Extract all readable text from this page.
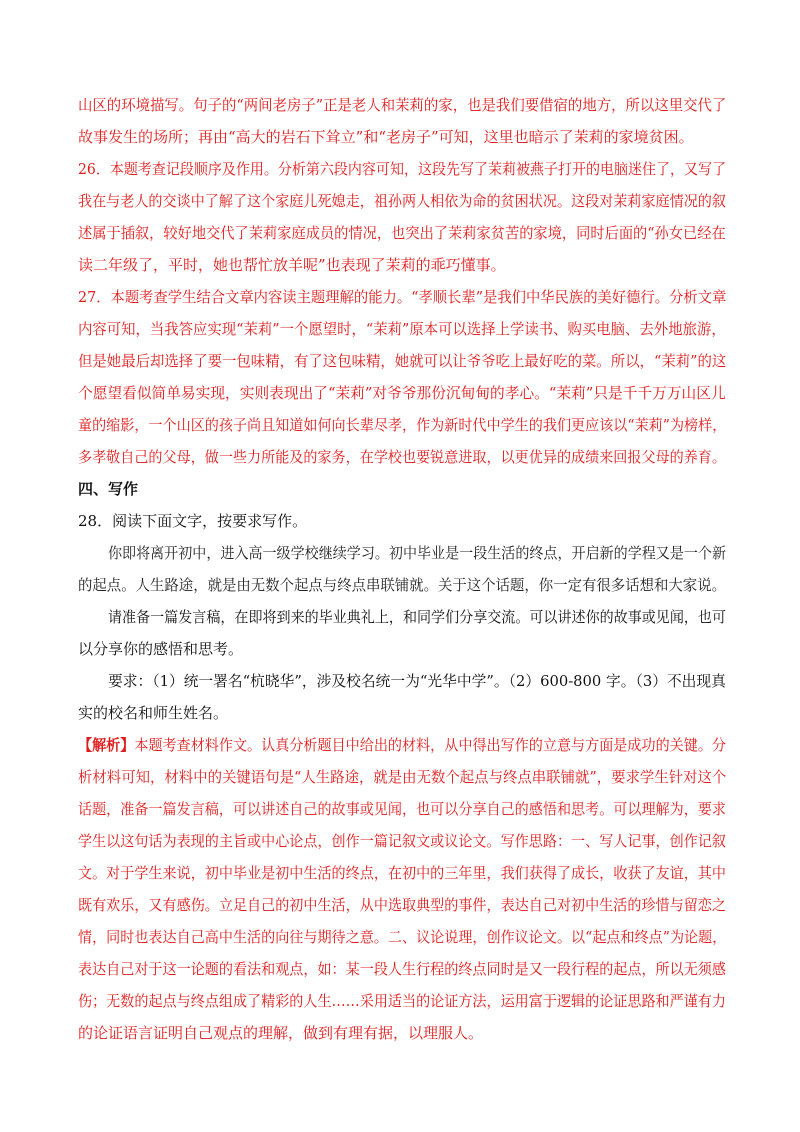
山区的环境描写。句子的“两间老房子”正是老人和茉莉的家，也是我们要借宿的地方，所以这里交代了
故事发生的场所；再由“高大的岩石下耸立”和“老房子”可知，这里也暗示了茉莉的家境贫困。
26．本题考查记段顺序及作用。分析第六段内容可知，这段先写了茉莉被燕子打开的电脑迷住了，又写了
我在与老人的交谈中了解了这个家庭儿死媳走，祖孙两人相依为命的贫困状况。这段对茉莉家庭情况的叙
述属于插叙，较好地交代了茉莉家庭成员的情况，也突出了茉莉家贫苦的家境，同时后面的“孙女已经在
读二年级了，平时，她也帮忙放羊呢”也表现了茉莉的乖巧懂事。
27．本题考查学生结合文章内容读主题理解的能力。“孝顺长辈”是我们中华民族的美好德行。分析文章
内容可知，当我答应实现“茉莉”一个愿望时，“茉莉”原本可以选择上学读书、购买电脑、去外地旅游，
但是她最后却选择了要一包味精，有了这包味精，她就可以让爷爷吃上最好吃的菜。所以，“茉莉”的这
个愿望看似简单易实现，实则表现出了“茉莉”对爷爷那份沉甸甸的孝心。“茉莉”只是千千万万山区儿
童的缩影，一个山区的孩子尚且知道如何向长辈尽孝，作为新时代中学生的我们更应该以“茉莉”为榜样，
多孝敬自己的父母，做一些力所能及的家务，在学校也要锐意进取，以更优异的成绩来回报父母的养育。
四、写作
28．阅读下面文字，按要求写作。
你即将离开初中，进入高一级学校继续学习。初中毕业是一段生活的终点，开启新的学程又是一个新
的起点。人生路途，就是由无数个起点与终点串联铺就。关于这个话题，你一定有很多话想和大家说。
请准备一篇发言稿，在即将到来的毕业典礼上，和同学们分享交流。可以讲述你的故事或见闻，也可
以分享你的感悟和思考。
要求：（1）统一署名“杭晓华”，涉及校名统一为“光华中学”。（2）600-800 字。（3）不出现真
实的校名和师生姓名。
【解析】本题考查材料作文。认真分析题目中给出的材料，从中得出写作的立意与方面是成功的关键。分
析材料可知，材料中的关键语句是“人生路途，就是由无数个起点与终点串联铺就”，要求学生针对这个
话题，准备一篇发言稿，可以讲述自己的故事或见闻，也可以分享自己的感悟和思考。可以理解为，要求
学生以这句话为表现的主旨或中心论点，创作一篇记叙文或议论文。写作思路：一、写人记事，创作记叙
文。对于学生来说，初中毕业是初中生活的终点，在初中的三年里，我们获得了成长，收获了友谊，其中
既有欢乐，又有感伤。立足自己的初中生活，从中选取典型的事件，表达自己对初中生活的珍惜与留恋之
情，同时也表达自己高中生活的向往与期待之意。二、议论说理，创作议论文。以“起点和终点”为论题，
表达自己对于这一论题的看法和观点，如：某一段人生行程的终点同时是又一段行程的起点，所以无须感
伤；无数的起点与终点组成了精彩的人生……采用适当的论证方法，运用富于逻辑的论证思路和严谨有力
的论证语言证明自己观点的理解，做到有理有据，以理服人。
